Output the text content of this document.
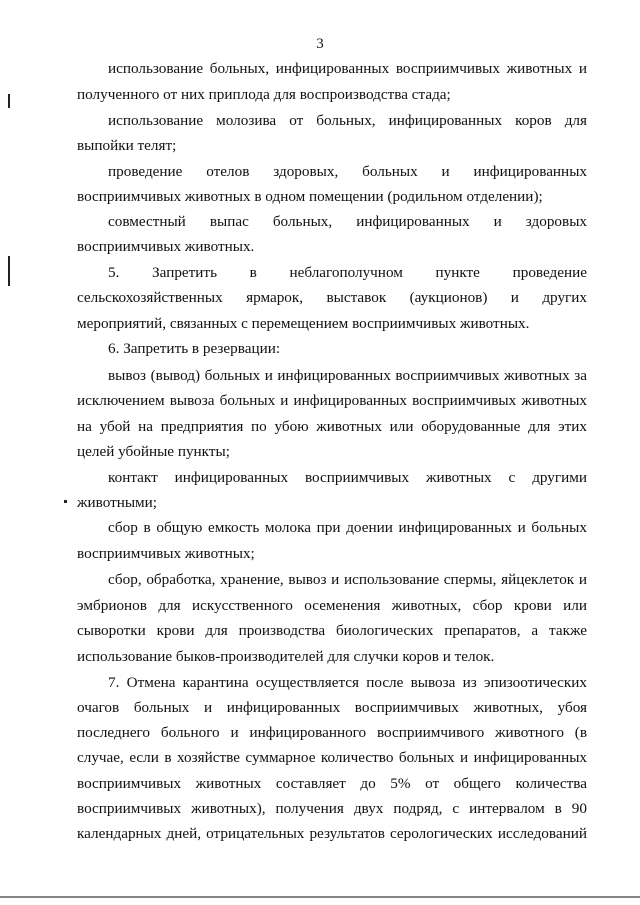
3
использование больных, инфицированных восприимчивых животных и
полученного от них приплода для воспроизводства стада;
использование молозива от больных, инфицированных коров для
выпойки телят;
проведение отелов здоровых, больных и инфицированных
восприимчивых животных в одном помещении (родильном отделении);
совместный выпас больных, инфицированных и здоровых
восприимчивых животных.
5. Запретить в неблагополучном пункте проведение
сельскохозяйственных ярмарок, выставок (аукционов) и других
мероприятий, связанных с перемещением восприимчивых животных.
6. Запретить в резервации:
вывоз (вывод) больных и инфицированных восприимчивых животных за
исключением вывоза больных и инфицированных восприимчивых животных
на убой на предприятия по убою животных или оборудованные для этих
целей убойные пункты;
контакт инфицированных восприимчивых животных с другими
животными;
сбор в общую емкость молока при доении инфицированных и больных
восприимчивых животных;
сбор, обработка, хранение, вывоз и использование спермы, яйцеклеток и
эмбрионов для искусственного осеменения животных, сбор крови или
сыворотки крови для производства биологических препаратов, а также
использование быков-производителей для случки коров и телок.
7. Отмена карантина осуществляется после вывоза из эпизоотических
очагов больных и инфицированных восприимчивых животных, убоя
последнего больного и инфицированного восприимчивого животного (в
случае, если в хозяйстве суммарное количество больных и инфицированных
восприимчивых животных составляет до 5% от общего количества
восприимчивых животных), получения двух подряд, с интервалом в 90
календарных дней, отрицательных результатов серологических исследований
